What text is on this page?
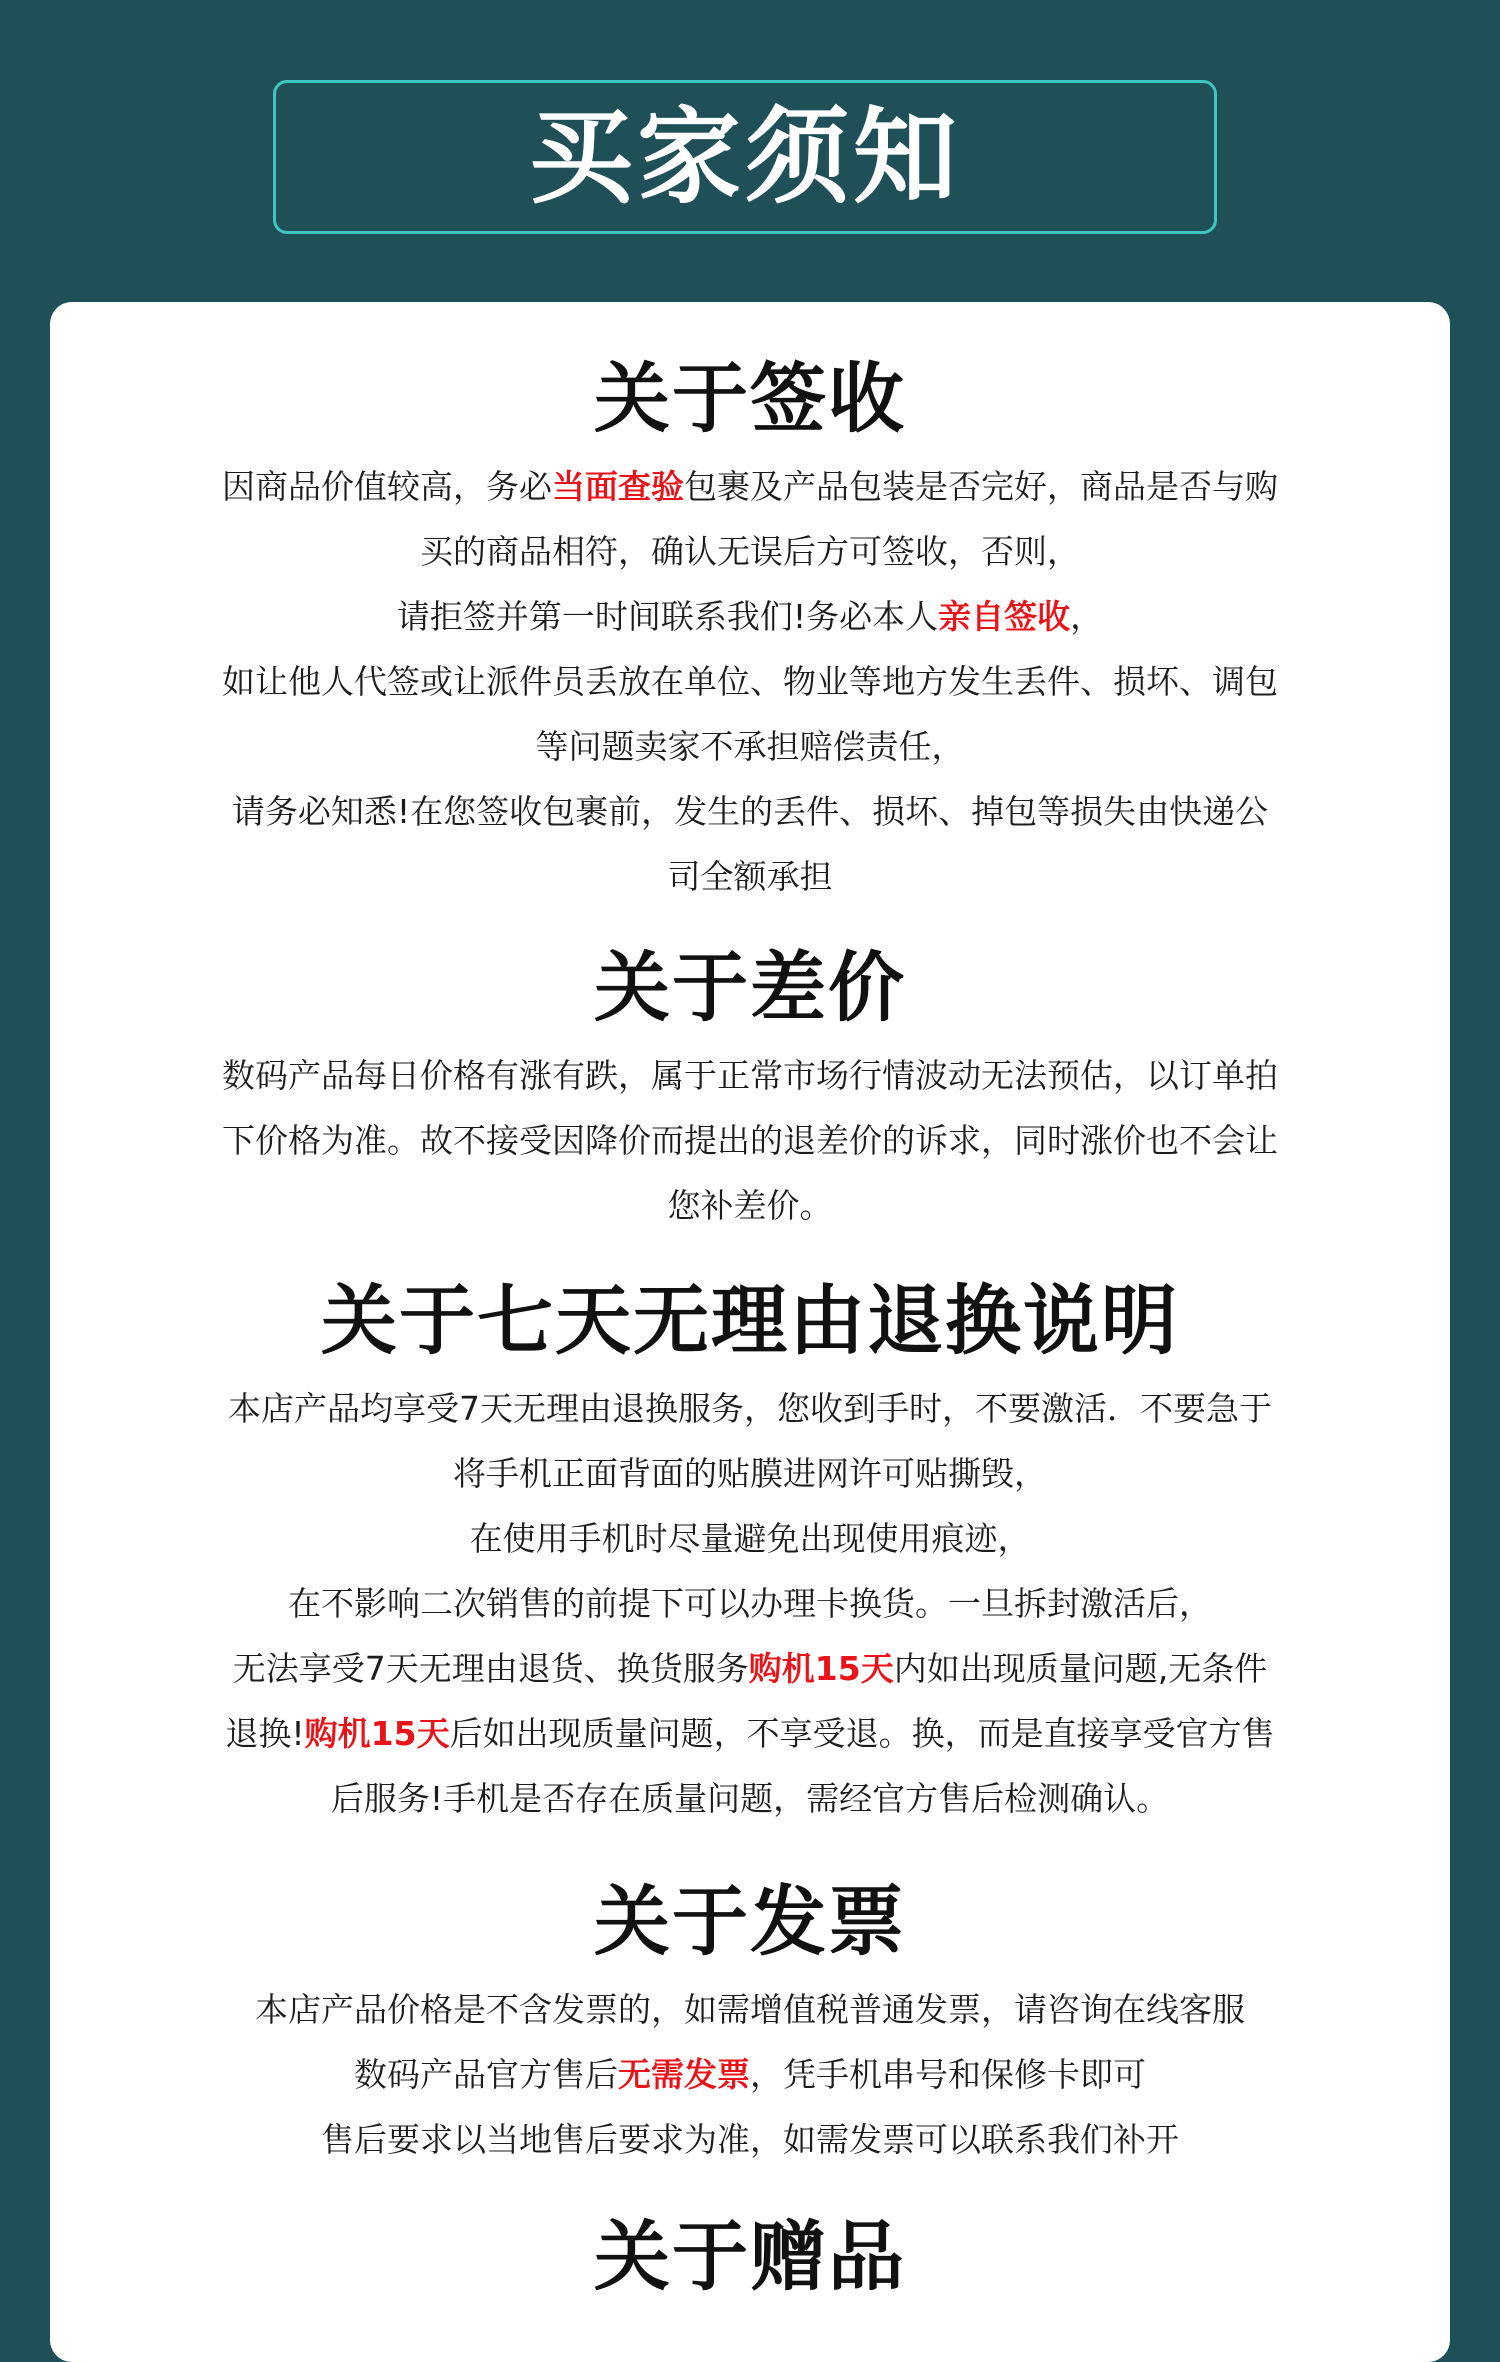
买家须知
关于签收

因商品价值较高，务必当面查验包裹及产品包装是否完好，商品是否与购

买的商品相符，确认无误后方可签收，否则，

请拒签并第一时间联系我们!务必本人亲自签收，

如让他人代签或让派件员丢放在单位、物业等地方发生丢件、损坏、调包

等问题卖家不承担赔偿责任，

请务必知悉!在您签收包裹前，发生的丢件、损坏、掉包等损失由快递公

司全额承担

关于差价

数码产品每日价格有涨有跌，属于正常市场行情波动无法预估，以订单拍

下价格为准。故不接受因降价而提出的退差价的诉求，同时涨价也不会让

您补差价。

关于七天无理由退换说明

本店产品均享受7天无理由退换服务，您收到手时，不要激活．不要急于

将手机正面背面的贴膜进网许可贴撕毁，

在使用手机时尽量避免出现使用痕迹，

在不影响二次销售的前提下可以办理卡换货。一旦拆封激活后，

无法享受7天无理由退货、换货服务购机15天内如出现质量问题,无条件

退换!购机15天后如出现质量问题，不享受退。换，而是直接享受官方售

后服务!手机是否存在质量问题，需经官方售后检测确认。

关于发票

本店产品价格是不含发票的，如需增值税普通发票，请咨询在线客服

数码产品官方售后无需发票，凭手机串号和保修卡即可

售后要求以当地售后要求为准，如需发票可以联系我们补开

关于赠品
